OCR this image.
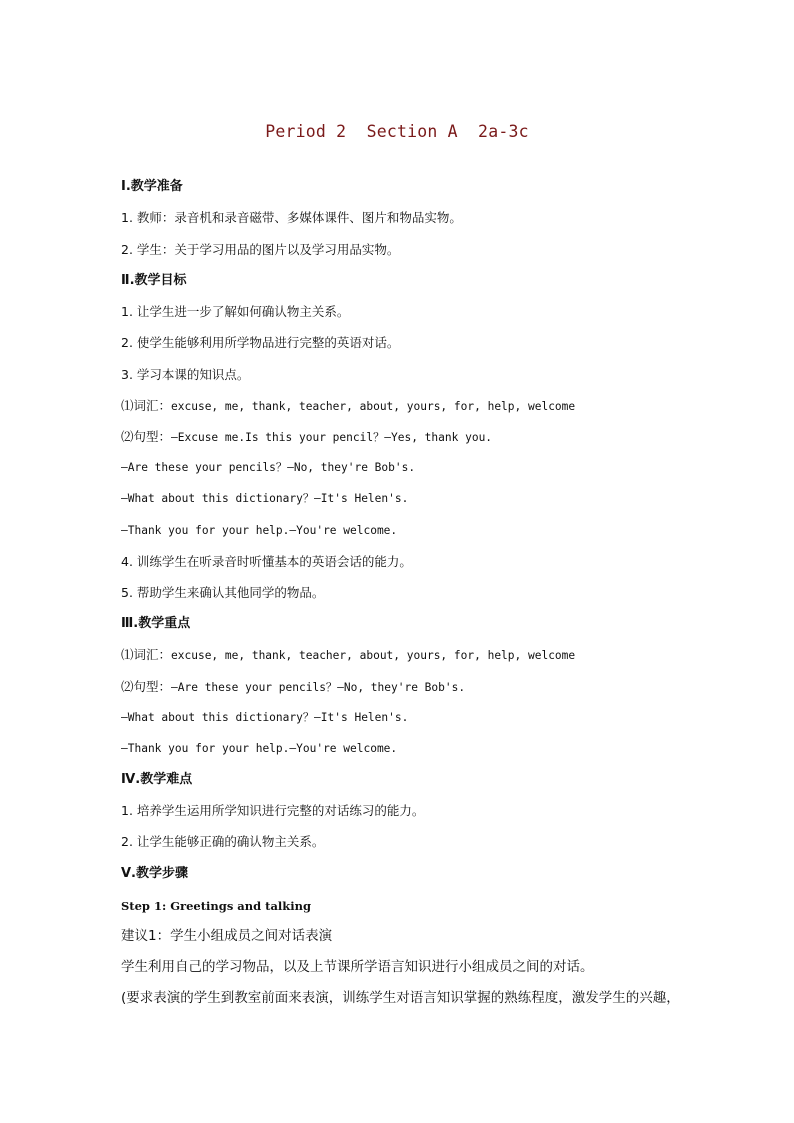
Period 2  Section A  2a-3c
Ⅰ.教学准备
1. 教师：录音机和录音磁带、多媒体课件、图片和物品实物。
2. 学生：关于学习用品的图片以及学习用品实物。
Ⅱ.教学目标
1. 让学生进一步了解如何确认物主关系。
2. 使学生能够利用所学物品进行完整的英语对话。
3. 学习本课的知识点。
⑴词汇：excuse, me, thank, teacher, about, yours, for, help, welcome
⑵句型：—Excuse me.Is this your pencil？—Yes, thank you.
—Are these your pencils？—No, they're Bob's.
—What about this dictionary？—It's Helen's.
—Thank you for your help.—You're welcome.
4. 训练学生在听录音时听懂基本的英语会话的能力。
5. 帮助学生来确认其他同学的物品。
Ⅲ.教学重点
⑴词汇：excuse, me, thank, teacher, about, yours, for, help, welcome
⑵句型：—Are these your pencils？—No, they're Bob's.
—What about this dictionary？—It's Helen's.
—Thank you for your help.—You're welcome.
Ⅳ.教学难点
1. 培养学生运用所学知识进行完整的对话练习的能力。
2. 让学生能够正确的确认物主关系。
Ⅴ.教学步骤
Step 1: Greetings and talking
建议1：学生小组成员之间对话表演
学生利用自己的学习物品，以及上节课所学语言知识进行小组成员之间的对话。
(要求表演的学生到教室前面来表演，训练学生对语言知识掌握的熟练程度，激发学生的兴趣，
